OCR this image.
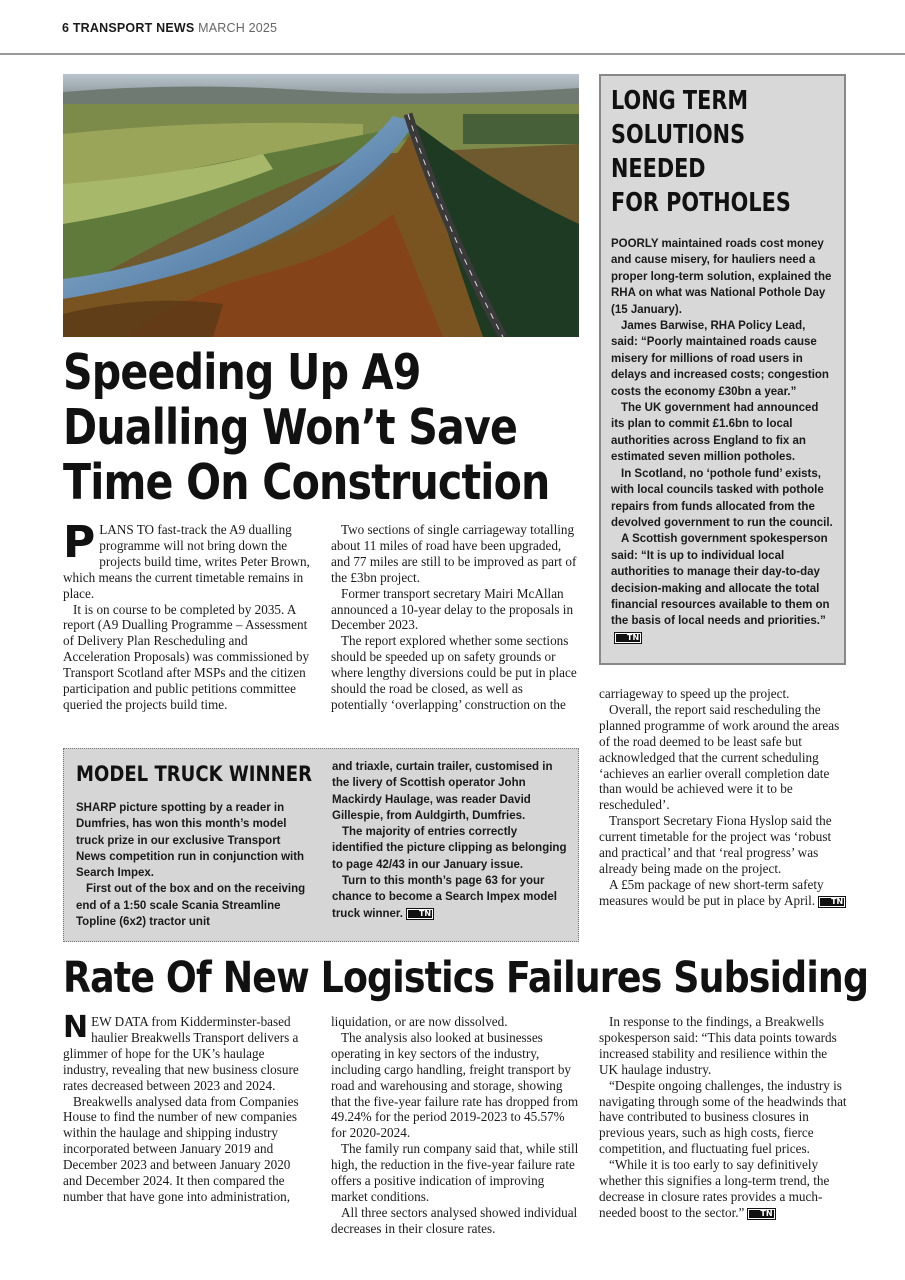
6 TRANSPORT NEWS MARCH 2025
Speeding Up A9
Dualling Won’t Save
Time On Construction

PLANS TO fast-track the A9 dualling programme will not bring down the projects build time, writes Peter Brown, which means the current timetable remains in place.

It is on course to be completed by 2035. A report (A9 Dualling Programme – Assessment of Delivery Plan Rescheduling and Acceleration Proposals) was commissioned by Transport Scotland after MSPs and the citizen participation and public petitions committee queried the projects build time.

Two sections of single carriageway totalling about 11 miles of road have been upgraded, and 77 miles are still to be improved as part of the £3bn project.

Former transport secretary Mairi McAllan announced a 10-year delay to the proposals in December 2023.

The report explored whether some sections should be speeded up on safety grounds or where lengthy diversions could be put in place should the road be closed, as well as potentially ‘overlapping’ construction on the

carriageway to speed up the project.

Overall, the report said rescheduling the planned programme of work around the areas of the road deemed to be least safe but acknowledged that the current scheduling ‘achieves an earlier overall completion date than would be achieved were it to be rescheduled’.

Transport Secretary Fiona Hyslop said the current timetable for the project was ‘robust and practical’ and that ‘real progress’ was already being made on the project.

A £5m package of new short-term safety measures would be put in place by April. TN

LONG TERM
SOLUTIONS NEEDED
FOR POTHOLES

POORLY maintained roads cost money and cause misery, for hauliers need a proper long-term solution, explained the RHA on what was National Pothole Day (15 January).

James Barwise, RHA Policy Lead, said: “Poorly maintained roads cause misery for millions of road users in delays and increased costs; congestion costs the economy £30bn a year.”

The UK government had announced its plan to commit £1.6bn to local authorities across England to fix an estimated seven million potholes.

In Scotland, no ‘pothole fund’ exists, with local councils tasked with pothole repairs from funds allocated from the devolved government to run the council.

A Scottish government spokesperson said: “It is up to individual local authorities to manage their day-to-day decision-making and allocate the total financial resources available to them on the basis of local needs and priorities.”TN

MODEL TRUCK WINNER

SHARP picture spotting by a reader in Dumfries, has won this month’s model truck prize in our exclusive Transport News competition run in conjunction with Search Impex.

First out of the box and on the receiving end of a 1:50 scale Scania Streamline Topline (6x2) tractor unit

and triaxle, curtain trailer, customised in the livery of Scottish operator John Mackirdy Haulage, was reader David Gillespie, from Auldgirth, Dumfries.

The majority of entries correctly identified the picture clipping as belonging to page 42/43 in our January issue.

Turn to this month’s page 63 for your chance to become a Search Impex model truck winner. TN

Rate Of New Logistics Failures Subsiding

NEW DATA from Kidderminster-based haulier Breakwells Transport delivers a glimmer of hope for the UK’s haulage industry, revealing that new business closure rates decreased between 2023 and 2024.

Breakwells analysed data from Companies House to find the number of new companies within the haulage and shipping industry incorporated between January 2019 and December 2023 and between January 2020 and December 2024. It then compared the number that have gone into administration,

liquidation, or are now dissolved.

The analysis also looked at businesses operating in key sectors of the industry, including cargo handling, freight transport by road and warehousing and storage, showing that the five-year failure rate has dropped from 49.24% for the period 2019-2023 to 45.57% for 2020-2024.

The family run company said that, while still high, the reduction in the five-year failure rate offers a positive indication of improving market conditions.

All three sectors analysed showed individual decreases in their closure rates.

In response to the findings, a Breakwells spokesperson said: “This data points towards increased stability and resilience within the UK haulage industry.

“Despite ongoing challenges, the industry is navigating through some of the headwinds that have contributed to business closures in previous years, such as high costs, fierce competition, and fluctuating fuel prices.

“While it is too early to say definitively whether this signifies a long-term trend, the decrease in closure rates provides a much-needed boost to the sector.” TN
